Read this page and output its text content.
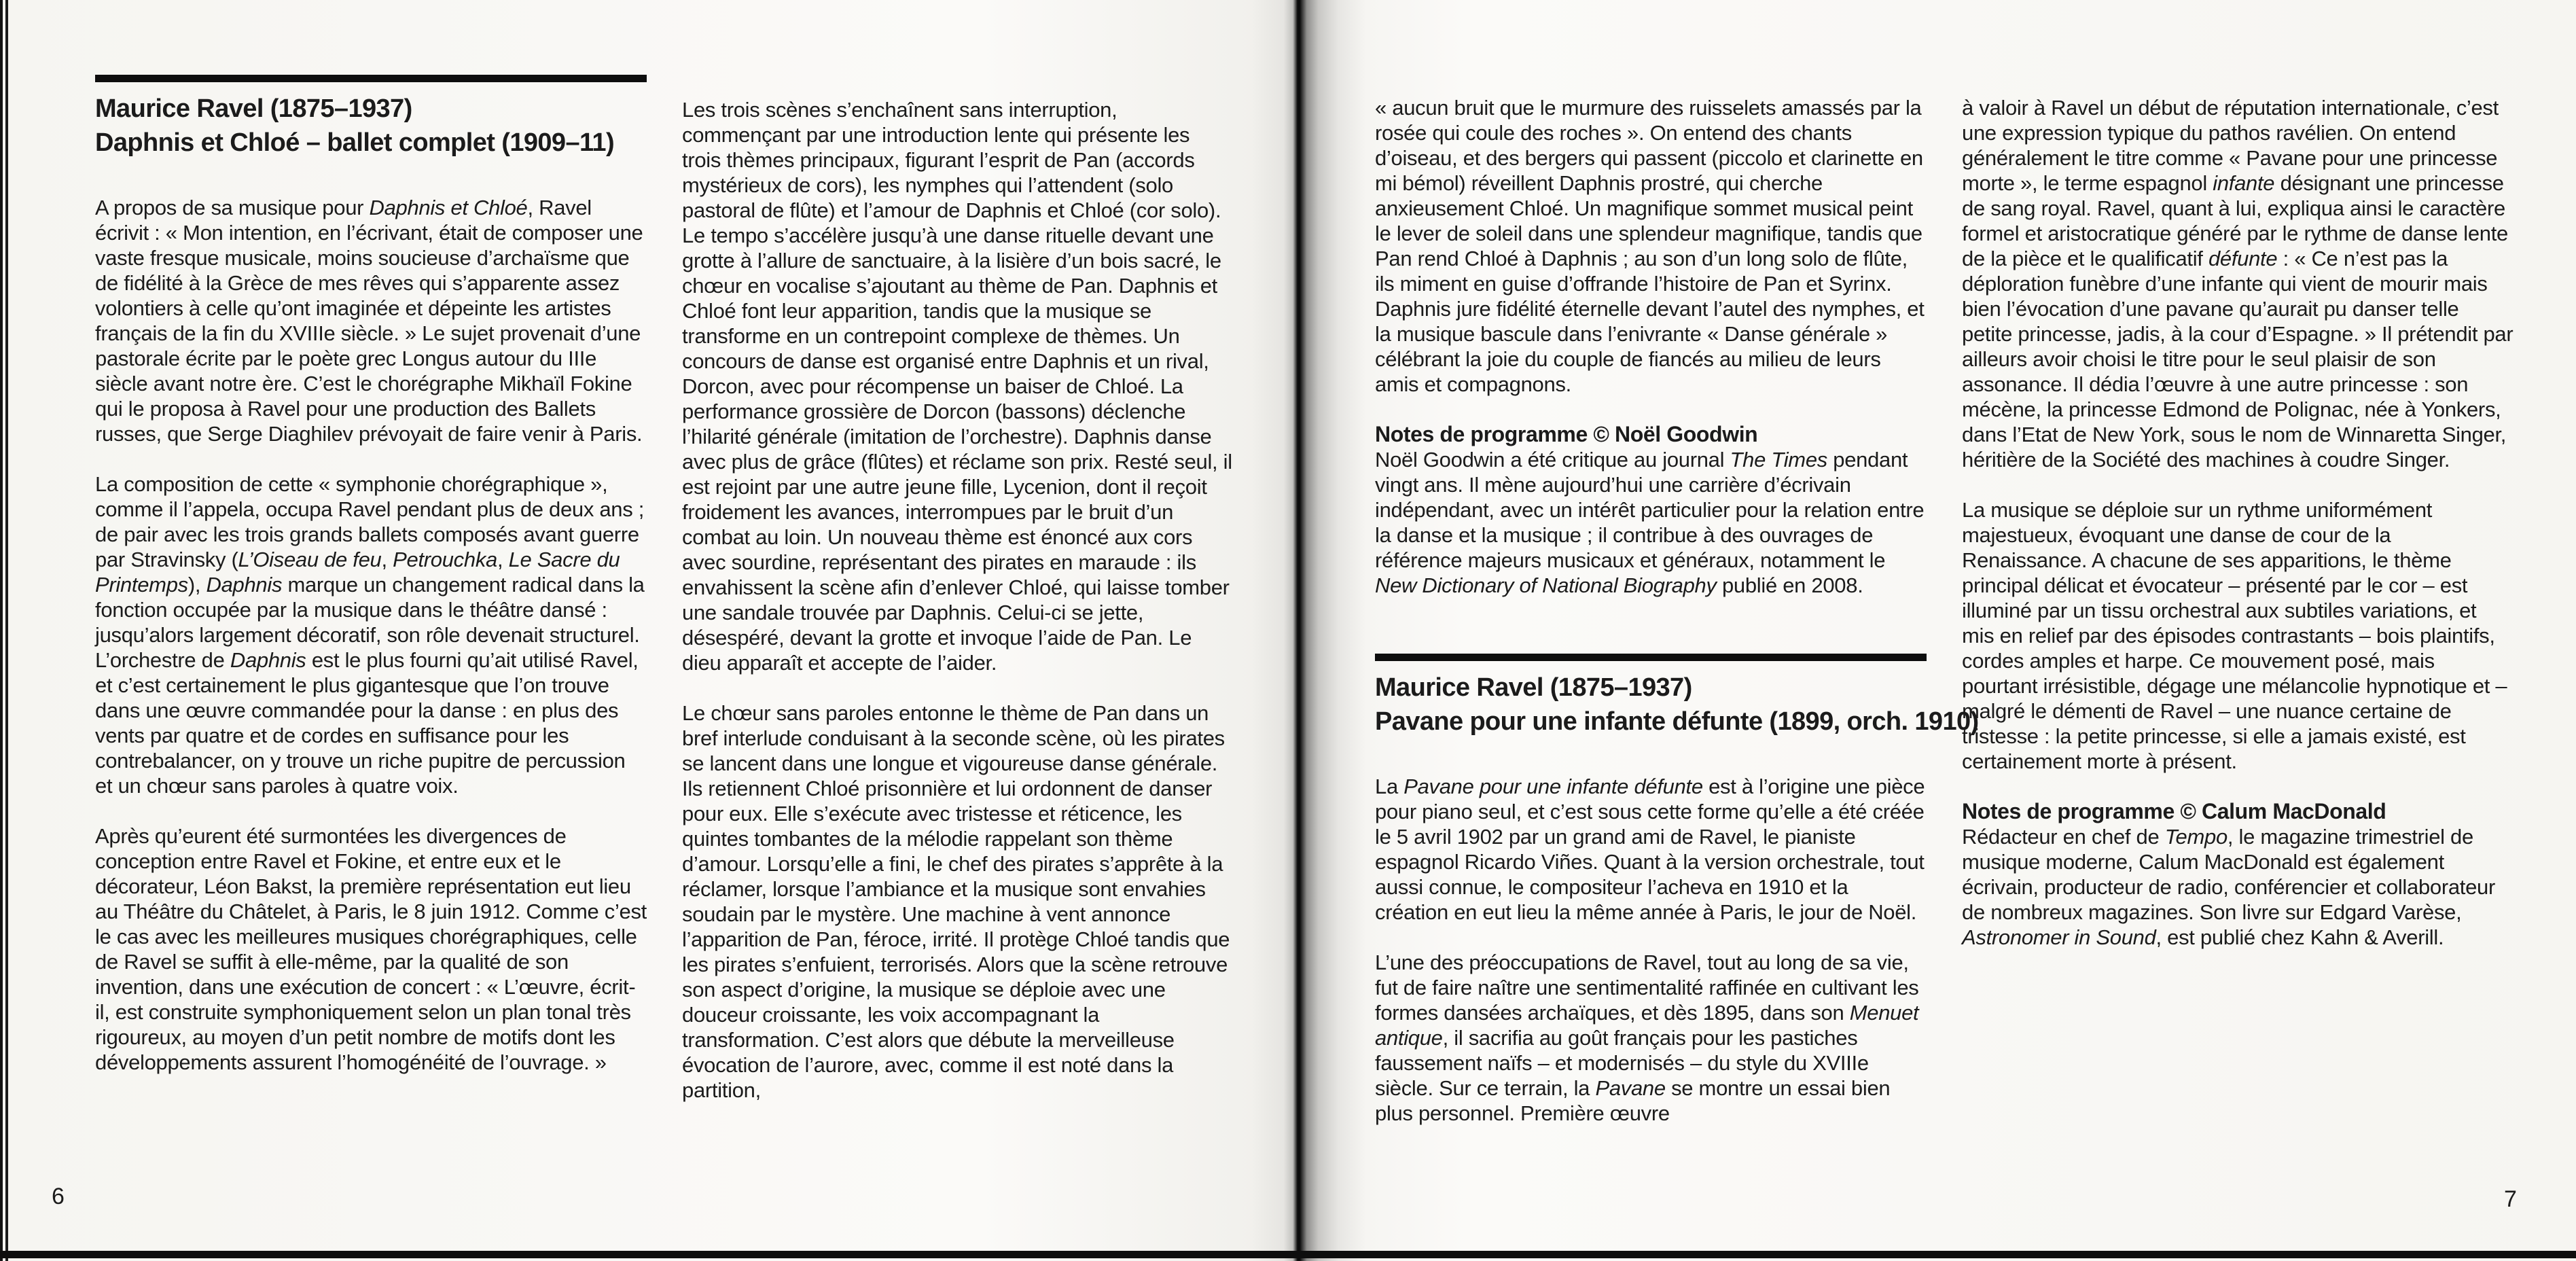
Maurice Ravel (1875–1937)
Daphnis et Chloé – ballet complet (1909–11)

A propos de sa musique pour Daphnis et Chloé, Ravel écrivit : « Mon intention, en l’écrivant, était de composer une vaste fresque musicale, moins soucieuse d’archaïsme que de fidélité à la Grèce de mes rêves qui s’apparente assez volontiers à celle qu’ont imaginée et dépeinte les artistes français de la fin du XVIIIe siècle. » Le sujet provenait d’une pastorale écrite par le poète grec Longus autour du IIIe siècle avant notre ère. C’est le chorégraphe Mikhaïl Fokine qui le proposa à Ravel pour une production des Ballets russes, que Serge Diaghilev prévoyait de faire venir à Paris.

La composition de cette « symphonie chorégraphique », comme il l’appela, occupa Ravel pendant plus de deux ans ; de pair avec les trois grands ballets composés avant guerre par Stravinsky (L’Oiseau de feu, Petrouchka, Le Sacre du Printemps), Daphnis marque un changement radical dans la fonction occupée par la musique dans le théâtre dansé : jusqu’alors largement décoratif, son rôle devenait structurel. L’orchestre de Daphnis est le plus fourni qu’ait utilisé Ravel, et c’est certainement le plus gigantesque que l’on trouve dans une œuvre commandée pour la danse : en plus des vents par quatre et de cordes en suffisance pour les contrebalancer, on y trouve un riche pupitre de percussion et un chœur sans paroles à quatre voix.

Après qu’eurent été surmontées les divergences de conception entre Ravel et Fokine, et entre eux et le décorateur, Léon Bakst, la première représentation eut lieu au Théâtre du Châtelet, à Paris, le 8 juin 1912. Comme c’est le cas avec les meilleures musiques chorégraphiques, celle de Ravel se suffit à elle-même, par la qualité de son invention, dans une exécution de concert : « L’œuvre, écrit-il, est construite symphoniquement selon un plan tonal très rigoureux, au moyen d’un petit nombre de motifs dont les développements assurent l’homogénéité de l’ouvrage. »

Les trois scènes s’enchaînent sans interruption, commençant par une introduction lente qui présente les trois thèmes principaux, figurant l’esprit de Pan (accords mystérieux de cors), les nymphes qui l’attendent (solo pastoral de flûte) et l’amour de Daphnis et Chloé (cor solo). Le tempo s’accélère jusqu’à une danse rituelle devant une grotte à l’allure de sanctuaire, à la lisière d’un bois sacré, le chœur en vocalise s’ajoutant au thème de Pan. Daphnis et Chloé font leur apparition, tandis que la musique se transforme en un contrepoint complexe de thèmes. Un concours de danse est organisé entre Daphnis et un rival, Dorcon, avec pour récompense un baiser de Chloé. La performance grossière de Dorcon (bassons) déclenche l’hilarité générale (imitation de l’orchestre). Daphnis danse avec plus de grâce (flûtes) et réclame son prix. Resté seul, il est rejoint par une autre jeune fille, Lycenion, dont il reçoit froidement les avances, interrompues par le bruit d’un combat au loin. Un nouveau thème est énoncé aux cors avec sourdine, représentant des pirates en maraude : ils envahissent la scène afin d’enlever Chloé, qui laisse tomber une sandale trouvée par Daphnis. Celui-ci se jette, désespéré, devant la grotte et invoque l’aide de Pan. Le dieu apparaît et accepte de l’aider.

Le chœur sans paroles entonne le thème de Pan dans un bref interlude conduisant à la seconde scène, où les pirates se lancent dans une longue et vigoureuse danse générale. Ils retiennent Chloé prisonnière et lui ordonnent de danser pour eux. Elle s’exécute avec tristesse et réticence, les quintes tombantes de la mélodie rappelant son thème d’amour. Lorsqu’elle a fini, le chef des pirates s’apprête à la réclamer, lorsque l’ambiance et la musique sont envahies soudain par le mystère. Une machine à vent annonce l’apparition de Pan, féroce, irrité. Il protège Chloé tandis que les pirates s’enfuient, terrorisés. Alors que la scène retrouve son aspect d’origine, la musique se déploie avec une douceur croissante, les voix accompagnant la transformation. C’est alors que débute la merveilleuse évocation de l’aurore, avec, comme il est noté dans la partition,

« aucun bruit que le murmure des ruisselets amassés par la rosée qui coule des roches ». On entend des chants d’oiseau, et des bergers qui passent (piccolo et clarinette en mi bémol) réveillent Daphnis prostré, qui cherche anxieusement Chloé. Un magnifique sommet musical peint le lever de soleil dans une splendeur magnifique, tandis que Pan rend Chloé à Daphnis ; au son d’un long solo de flûte, ils miment en guise d’offrande l’histoire de Pan et Syrinx. Daphnis jure fidélité éternelle devant l’autel des nymphes, et la musique bascule dans l’enivrante « Danse générale » célébrant la joie du couple de fiancés au milieu de leurs amis et compagnons.

Notes de programme © Noël Goodwin

Noël Goodwin a été critique au journal The Times pendant vingt ans. Il mène aujourd’hui une carrière d’écrivain indépendant, avec un intérêt particulier pour la relation entre la danse et la musique ; il contribue à des ouvrages de référence majeurs musicaux et généraux, notamment le New Dictionary of National Biography publié en 2008.

Maurice Ravel (1875–1937)
Pavane pour une infante défunte (1899, orch. 1910)

La Pavane pour une infante défunte est à l’origine une pièce pour piano seul, et c’est sous cette forme qu’elle a été créée le 5 avril 1902 par un grand ami de Ravel, le pianiste espagnol Ricardo Viñes. Quant à la version orchestrale, tout aussi connue, le compositeur l’acheva en 1910 et la création en eut lieu la même année à Paris, le jour de Noël.

L’une des préoccupations de Ravel, tout au long de sa vie, fut de faire naître une sentimentalité raffinée en cultivant les formes dansées archaïques, et dès 1895, dans son Menuet antique, il sacrifia au goût français pour les pastiches faussement naïfs – et modernisés – du style du XVIIIe siècle. Sur ce terrain, la Pavane se montre un essai bien plus personnel. Première œuvre

à valoir à Ravel un début de réputation internationale, c’est une expression typique du pathos ravélien. On entend généralement le titre comme « Pavane pour une princesse morte », le terme espagnol infante désignant une princesse de sang royal. Ravel, quant à lui, expliqua ainsi le caractère formel et aristocratique généré par le rythme de danse lente de la pièce et le qualificatif défunte : « Ce n’est pas la déploration funèbre d’une infante qui vient de mourir mais bien l’évocation d’une pavane qu’aurait pu danser telle petite princesse, jadis, à la cour d’Espagne. » Il prétendit par ailleurs avoir choisi le titre pour le seul plaisir de son assonance. Il dédia l’œuvre à une autre princesse : son mécène, la princesse Edmond de Polignac, née à Yonkers, dans l’Etat de New York, sous le nom de Winnaretta Singer, héritière de la Société des machines à coudre Singer.

La musique se déploie sur un rythme uniformément majestueux, évoquant une danse de cour de la Renaissance. A chacune de ses apparitions, le thème principal délicat et évocateur – présenté par le cor – est illuminé par un tissu orchestral aux subtiles variations, et mis en relief par des épisodes contrastants – bois plaintifs, cordes amples et harpe. Ce mouvement posé, mais pourtant irrésistible, dégage une mélancolie hypnotique et – malgré le démenti de Ravel – une nuance certaine de tristesse : la petite princesse, si elle a jamais existé, est certainement morte à présent.

Notes de programme © Calum MacDonald

Rédacteur en chef de Tempo, le magazine trimestriel de musique moderne, Calum MacDonald est également écrivain, producteur de radio, conférencier et collaborateur de nombreux magazines. Son livre sur Edgard Varèse, Astronomer in Sound, est publié chez Kahn & Averill.

6	7
